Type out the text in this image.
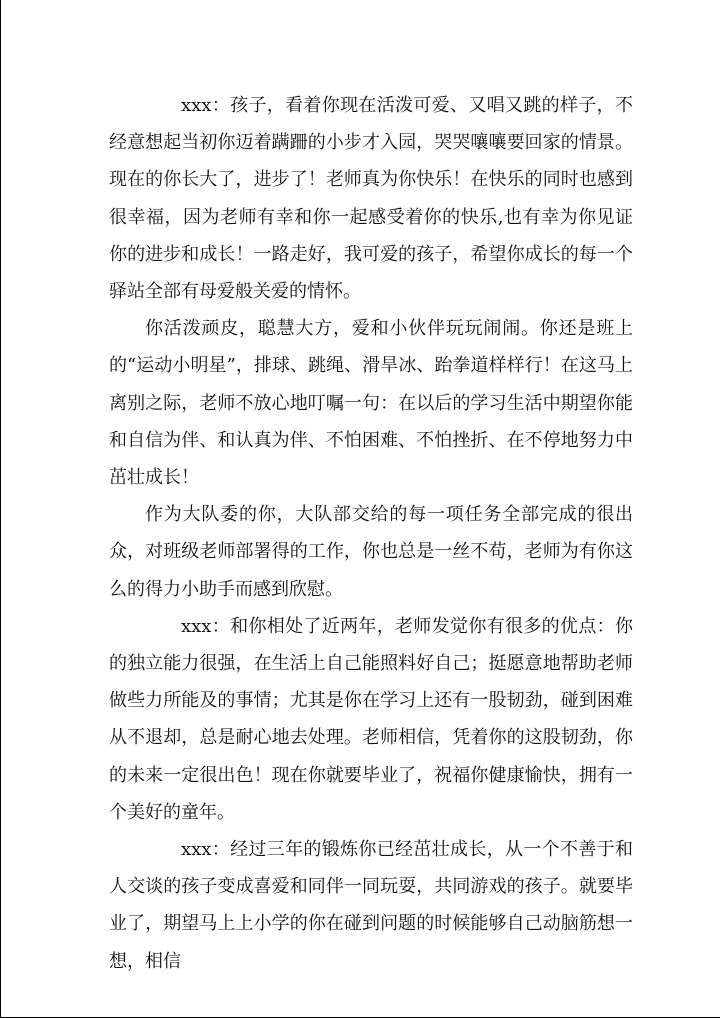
xxx：孩子，看着你现在活泼可爱、又唱又跳的样子，不经意想起当初你迈着蹒跚的小步才入园，哭哭嚷嚷要回家的情景。现在的你长大了，进步了！老师真为你快乐！在快乐的同时也感到很幸福，因为老师有幸和你一起感受着你的快乐,也有幸为你见证你的进步和成长！一路走好，我可爱的孩子，希望你成长的每一个驿站全部有母爱般关爱的情怀。

你活泼顽皮，聪慧大方，爱和小伙伴玩玩闹闹。你还是班上的“运动小明星”，排球、跳绳、滑旱冰、跆拳道样样行！在这马上离别之际，老师不放心地叮嘱一句：在以后的学习生活中期望你能和自信为伴、和认真为伴、不怕困难、不怕挫折、在不停地努力中茁壮成长！

作为大队委的你，大队部交给的每一项任务全部完成的很出众，对班级老师部署得的工作，你也总是一丝不苟，老师为有你这么的得力小助手而感到欣慰。

xxx：和你相处了近两年，老师发觉你有很多的优点：你的独立能力很强，在生活上自己能照料好自己；挺愿意地帮助老师做些力所能及的事情；尤其是你在学习上还有一股韧劲，碰到困难从不退却，总是耐心地去处理。老师相信，凭着你的这股韧劲，你的未来一定很出色！现在你就要毕业了，祝福你健康愉快，拥有一个美好的童年。

xxx：经过三年的锻炼你已经茁壮成长，从一个不善于和人交谈的孩子变成喜爱和同伴一同玩耍，共同游戏的孩子。就要毕业了，期望马上上小学的你在碰到问题的时候能够自己动脑筋想一想，相信
